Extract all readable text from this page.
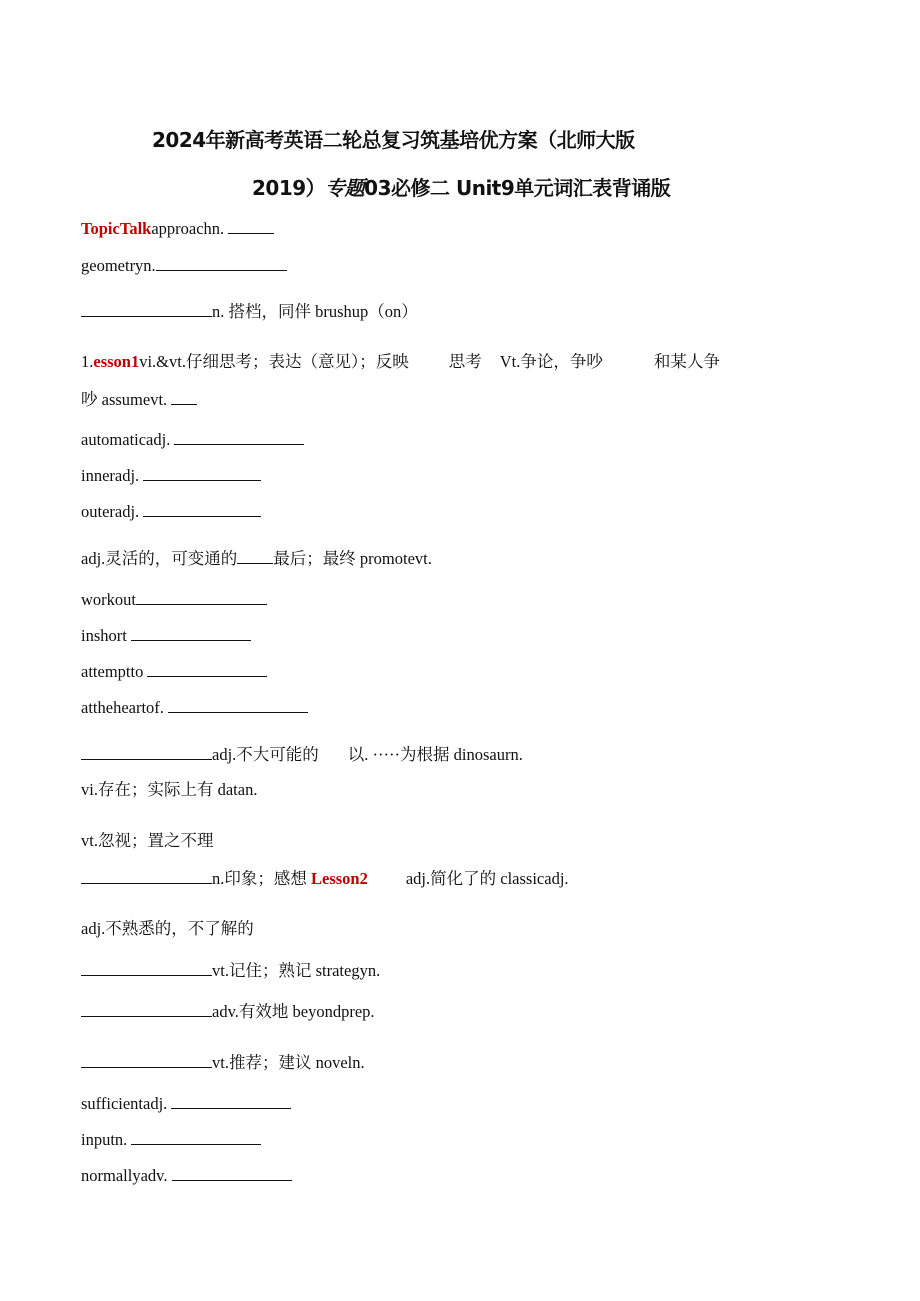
2024年新高考英语二轮总复习筑基培优方案（北师大版
2019）专题03必修二 Unit9单元词汇表背诵版
TopicTalkapproachn.
geometryn.
n. 搭档，同伴 brushup（on）
1.esson1vi.&vt.仔细思考；表达（意见）；反映 思考 Vt.争论，争吵	和某人争
吵 assumevt.
automaticadj.
inneradj.
outeradj.
adj.灵活的，可变通的 最后；最终 promotevt.
workout
inshort
attemptto
attheheartof.
adj.不大可能的 以. ·····为根据 dinosaurn.
vi.存在；实际上有 datan.
vt.忽视；置之不理
n.印象；感想 Lesson2 adj.简化了的 classicadj.
adj.不熟悉的，不了解的
vt.记住；熟记 strategyn.
adv.有效地 beyondprep.
vt.推荐；建议 noveln.
sufficientadj.
inputn.
normallyadv.
